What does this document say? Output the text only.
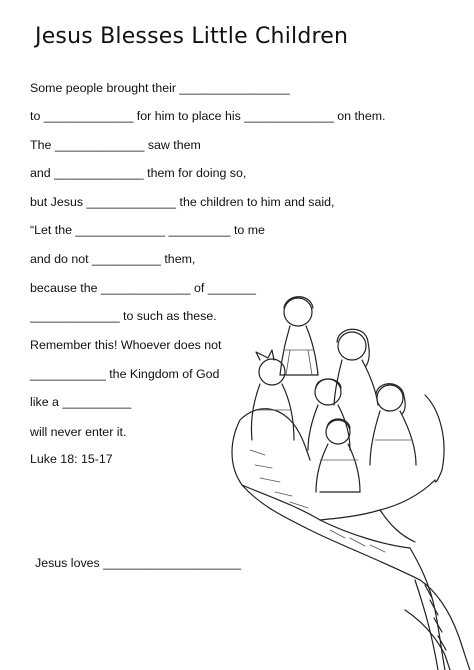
Jesus Blesses Little Children
Some people brought their ________________
to _____________ for him to place his _____________ on them.
The _____________ saw them
and _____________ them for doing so,
but Jesus _____________ the children to him and said,
“Let the _____________ _________ to me
and do not __________ them,
because the _____________ of _______
_____________ to such as these.
Remember this! Whoever does not
___________ the Kingdom of God
like a __________
will never enter it.
Luke 18: 15-17
Jesus loves ____________________
